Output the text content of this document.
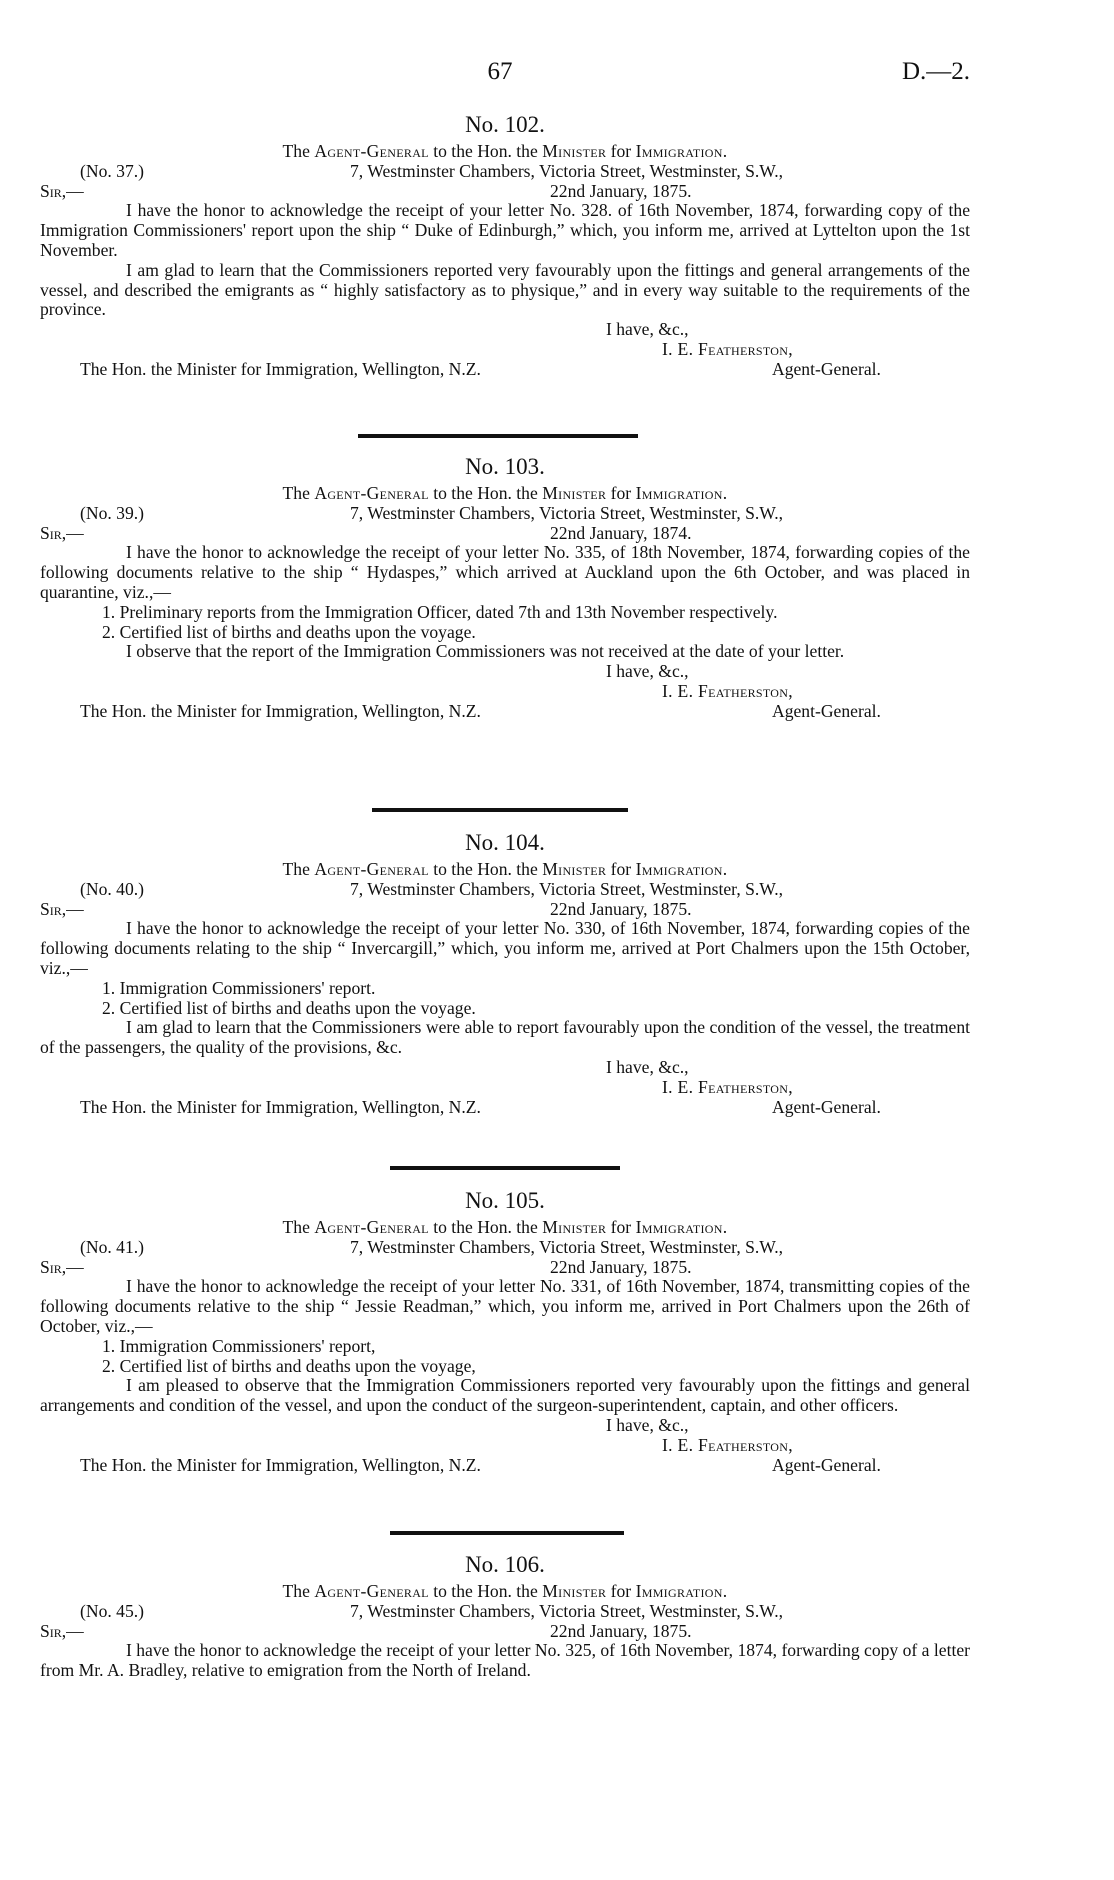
67	D.—2.
No. 102.
The Agent-General to the Hon. the Minister for Immigration.
(No. 37.)	7, Westminster Chambers, Victoria Street, Westminster, S.W.,
Sir,—	22nd January, 1875.

I have the honor to acknowledge the receipt of your letter No. 328. of 16th November, 1874, forwarding copy of the Immigration Commissioners' report upon the ship “ Duke of Edinburgh,” which, you inform me, arrived at Lyttelton upon the 1st November.

I am glad to learn that the Commissioners reported very favourably upon the fittings and general arrangements of the vessel, and described the emigrants as “ highly satisfactory as to physique,” and in every way suitable to the requirements of the province.

I have, &c.,
I. E. Featherston,
The Hon. the Minister for Immigration, Wellington, N.Z.	Agent-General.
No. 103.
The Agent-General to the Hon. the Minister for Immigration.
(No. 39.)	7, Westminster Chambers, Victoria Street, Westminster, S.W.,
Sir,—	22nd January, 1874.

I have the honor to acknowledge the receipt of your letter No. 335, of 18th November, 1874, forwarding copies of the following documents relative to the ship “ Hydaspes,” which arrived at Auckland upon the 6th October, and was placed in quarantine, viz.,—

1. Preliminary reports from the Immigration Officer, dated 7th and 13th November respectively.

2. Certified list of births and deaths upon the voyage.

I observe that the report of the Immigration Commissioners was not received at the date of your letter.

I have, &c.,
I. E. Featherston,
The Hon. the Minister for Immigration, Wellington, N.Z.	Agent-General.
No. 104.
The Agent-General to the Hon. the Minister for Immigration.
(No. 40.)	7, Westminster Chambers, Victoria Street, Westminster, S.W.,
Sir,—	22nd January, 1875.

I have the honor to acknowledge the receipt of your letter No. 330, of 16th November, 1874, forwarding copies of the following documents relating to the ship “ Invercargill,” which, you inform me, arrived at Port Chalmers upon the 15th October, viz.,—

1. Immigration Commissioners' report.

2. Certified list of births and deaths upon the voyage.

I am glad to learn that the Commissioners were able to report favourably upon the condition of the vessel, the treatment of the passengers, the quality of the provisions, &c.

I have, &c.,
I. E. Featherston,
The Hon. the Minister for Immigration, Wellington, N.Z.	Agent-General.
No. 105.
The Agent-General to the Hon. the Minister for Immigration.
(No. 41.)	7, Westminster Chambers, Victoria Street, Westminster, S.W.,
Sir,—	22nd January, 1875.

I have the honor to acknowledge the receipt of your letter No. 331, of 16th November, 1874, transmitting copies of the following documents relative to the ship “ Jessie Readman,” which, you inform me, arrived in Port Chalmers upon the 26th of October, viz.,—

1. Immigration Commissioners' report,

2. Certified list of births and deaths upon the voyage,

I am pleased to observe that the Immigration Commissioners reported very favourably upon the fittings and general arrangements and condition of the vessel, and upon the conduct of the surgeon-superintendent, captain, and other officers.

I have, &c.,
I. E. Featherston,
The Hon. the Minister for Immigration, Wellington, N.Z.	Agent-General.
No. 106.
The Agent-General to the Hon. the Minister for Immigration.
(No. 45.)	7, Westminster Chambers, Victoria Street, Westminster, S.W.,
Sir,—	22nd January, 1875.

I have the honor to acknowledge the receipt of your letter No. 325, of 16th November, 1874, forwarding copy of a letter from Mr. A. Bradley, relative to emigration from the North of Ireland.
